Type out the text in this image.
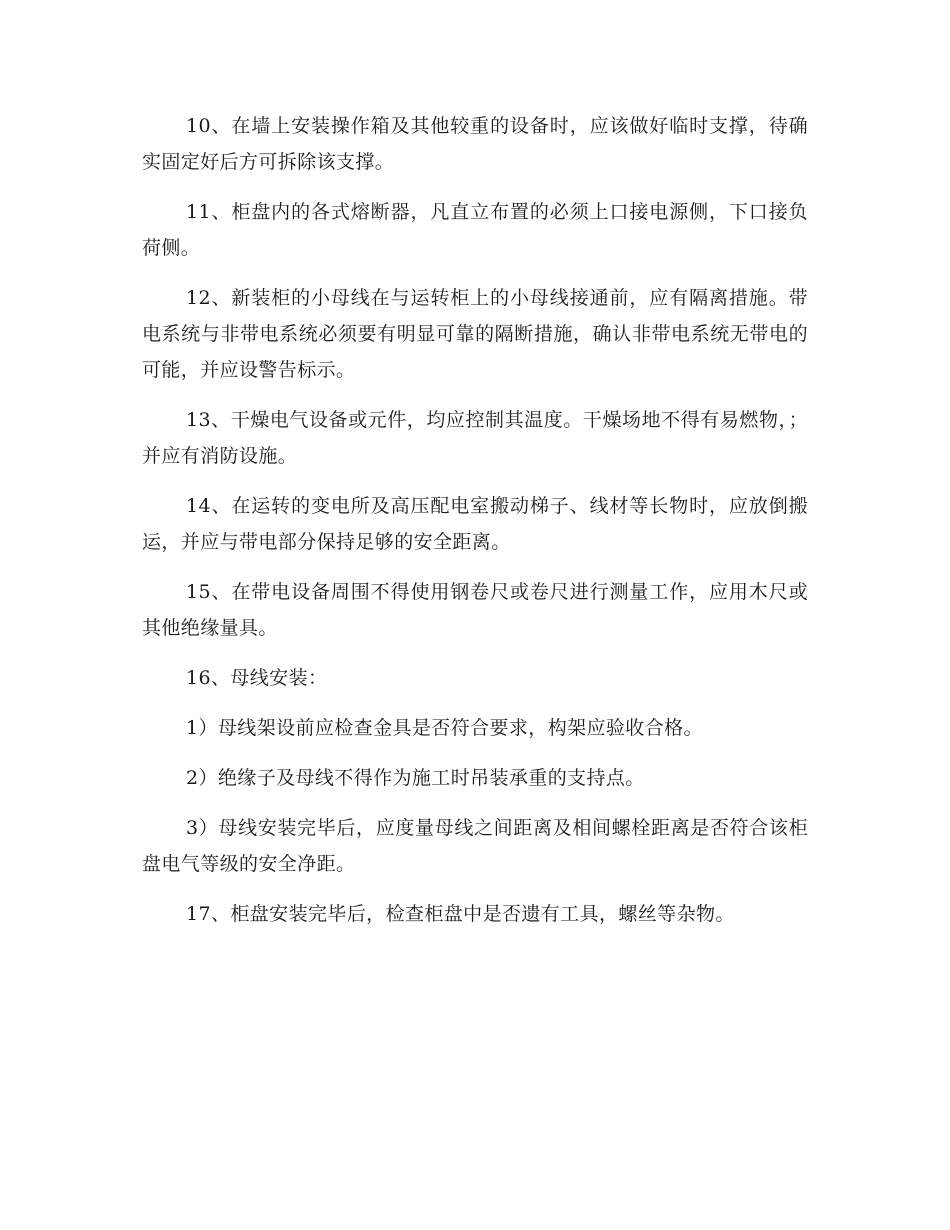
10、在墙上安装操作箱及其他较重的设备时，应该做好临时支撑，待确实固定好后方可拆除该支撑。

11、柜盘内的各式熔断器，凡直立布置的必须上口接电源侧，下口接负荷侧。

12、新装柜的小母线在与运转柜上的小母线接通前，应有隔离措施。带电系统与非带电系统必须要有明显可靠的隔断措施，确认非带电系统无带电的可能，并应设警告标示。

13、干燥电气设备或元件，均应控制其温度。干燥场地不得有易燃物，；并应有消防设施。

14、在运转的变电所及高压配电室搬动梯子、线材等长物时，应放倒搬运，并应与带电部分保持足够的安全距离。

15、在带电设备周围不得使用钢卷尺或卷尺进行测量工作，应用木尺或其他绝缘量具。

16、母线安装：

1）母线架设前应检查金具是否符合要求，构架应验收合格。

2）绝缘子及母线不得作为施工时吊装承重的支持点。

3）母线安装完毕后，应度量母线之间距离及相间螺栓距离是否符合该柜盘电气等级的安全净距。

17、柜盘安装完毕后，检查柜盘中是否遗有工具，螺丝等杂物。
